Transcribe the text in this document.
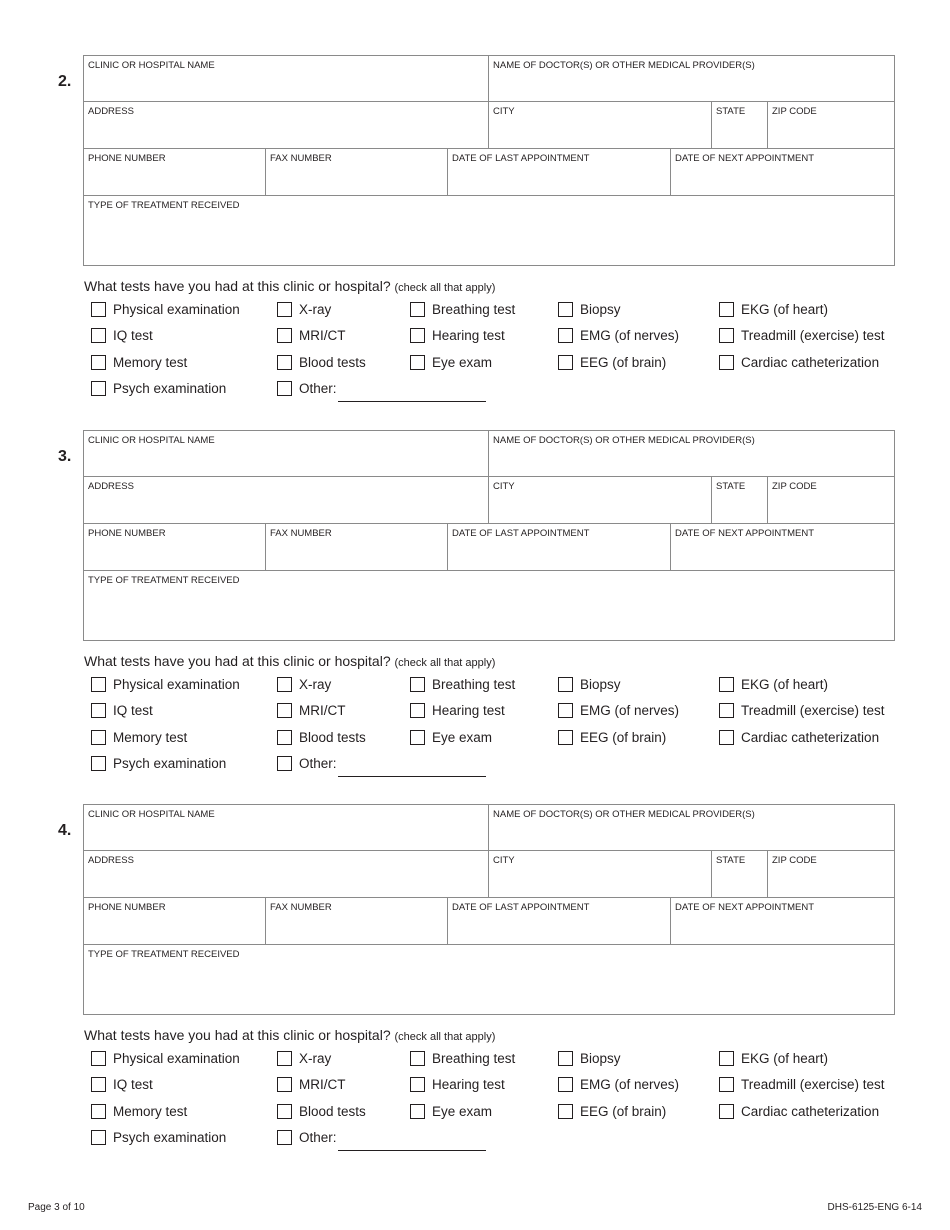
2.
CLINIC OR HOSPITAL NAME	NAME OF DOCTOR(S) OR OTHER MEDICAL PROVIDER(S)
ADDRESS	CITY	STATE	ZIP CODE
PHONE NUMBER	FAX NUMBER	DATE OF LAST APPOINTMENT	DATE OF NEXT APPOINTMENT
TYPE OF TREATMENT RECEIVED
What tests have you had at this clinic or hospital? (check all that apply)
Physical examination	X-ray	Breathing test	Biopsy	EKG (of heart)
IQ test	MRI/CT	Hearing test	EMG (of nerves)	Treadmill (exercise) test
Memory test	Blood tests	Eye exam	EEG (of brain)	Cardiac catheterization
Psych examination	Other:
3.
CLINIC OR HOSPITAL NAME	NAME OF DOCTOR(S) OR OTHER MEDICAL PROVIDER(S)
ADDRESS	CITY	STATE	ZIP CODE
PHONE NUMBER	FAX NUMBER	DATE OF LAST APPOINTMENT	DATE OF NEXT APPOINTMENT
TYPE OF TREATMENT RECEIVED
What tests have you had at this clinic or hospital? (check all that apply)
Physical examination	X-ray	Breathing test	Biopsy	EKG (of heart)
IQ test	MRI/CT	Hearing test	EMG (of nerves)	Treadmill (exercise) test
Memory test	Blood tests	Eye exam	EEG (of brain)	Cardiac catheterization
Psych examination	Other:
4.
CLINIC OR HOSPITAL NAME	NAME OF DOCTOR(S) OR OTHER MEDICAL PROVIDER(S)
ADDRESS	CITY	STATE	ZIP CODE
PHONE NUMBER	FAX NUMBER	DATE OF LAST APPOINTMENT	DATE OF NEXT APPOINTMENT
TYPE OF TREATMENT RECEIVED
What tests have you had at this clinic or hospital? (check all that apply)
Physical examination	X-ray	Breathing test	Biopsy	EKG (of heart)
IQ test	MRI/CT	Hearing test	EMG (of nerves)	Treadmill (exercise) test
Memory test	Blood tests	Eye exam	EEG (of brain)	Cardiac catheterization
Psych examination	Other:
Page 3 of 10	DHS-6125-ENG 6-14
